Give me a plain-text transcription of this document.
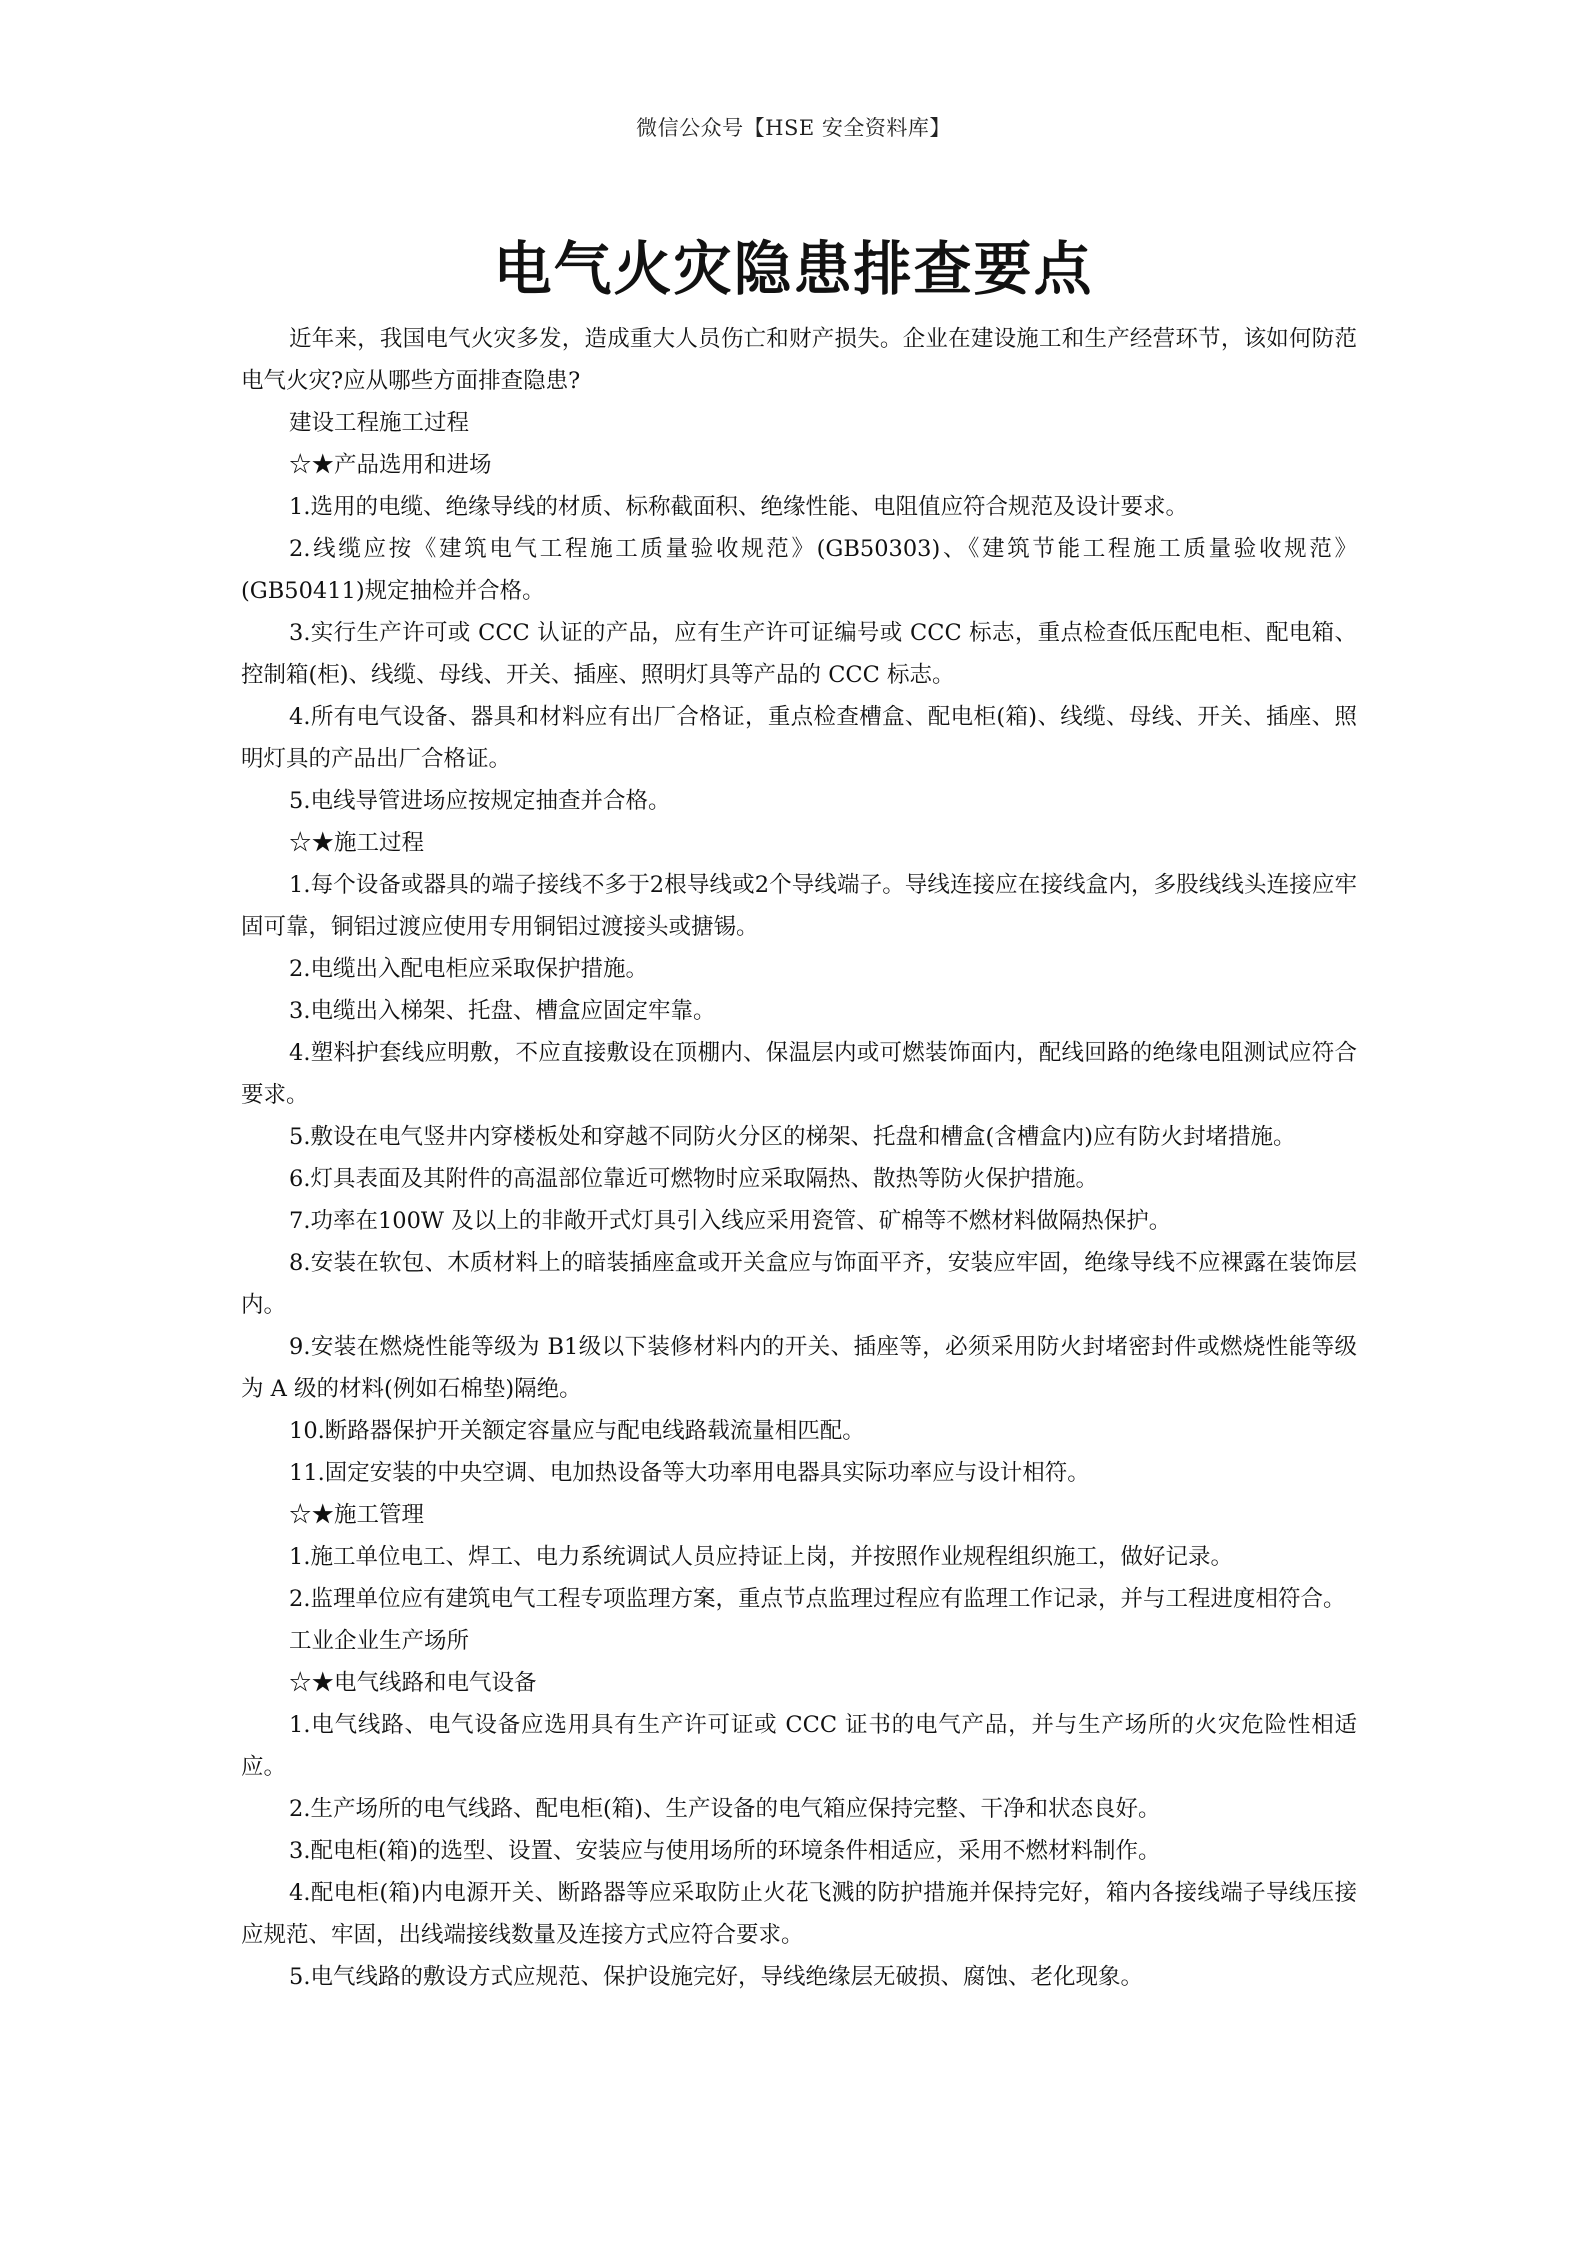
微信公众号【HSE 安全资料库】
电气火灾隐患排查要点

近年来，我国电气火灾多发，造成重大人员伤亡和财产损失。企业在建设施工和生产经营环节，该如何防范电气火灾?应从哪些方面排查隐患?

建设工程施工过程

☆★产品选用和进场

1.选用的电缆、绝缘导线的材质、标称截面积、绝缘性能、电阻值应符合规范及设计要求。

2.线缆应按《建筑电气工程施工质量验收规范》(GB50303)、《建筑节能工程施工质量验收规范》(GB50411)规定抽检并合格。

3.实行生产许可或 CCC 认证的产品，应有生产许可证编号或 CCC 标志，重点检查低压配电柜、配电箱、控制箱(柜)、线缆、母线、开关、插座、照明灯具等产品的 CCC 标志。

4.所有电气设备、器具和材料应有出厂合格证，重点检查槽盒、配电柜(箱)、线缆、母线、开关、插座、照明灯具的产品出厂合格证。

5.电线导管进场应按规定抽查并合格。

☆★施工过程

1.每个设备或器具的端子接线不多于2根导线或2个导线端子。导线连接应在接线盒内，多股线线头连接应牢固可靠，铜铝过渡应使用专用铜铝过渡接头或搪锡。

2.电缆出入配电柜应采取保护措施。

3.电缆出入梯架、托盘、槽盒应固定牢靠。

4.塑料护套线应明敷，不应直接敷设在顶棚内、保温层内或可燃装饰面内，配线回路的绝缘电阻测试应符合要求。

5.敷设在电气竖井内穿楼板处和穿越不同防火分区的梯架、托盘和槽盒(含槽盒内)应有防火封堵措施。

6.灯具表面及其附件的高温部位靠近可燃物时应采取隔热、散热等防火保护措施。

7.功率在100W 及以上的非敞开式灯具引入线应采用瓷管、矿棉等不燃材料做隔热保护。

8.安装在软包、木质材料上的暗装插座盒或开关盒应与饰面平齐，安装应牢固，绝缘导线不应裸露在装饰层内。

9.安装在燃烧性能等级为 B1级以下装修材料内的开关、插座等，必须采用防火封堵密封件或燃烧性能等级为 A 级的材料(例如石棉垫)隔绝。

10.断路器保护开关额定容量应与配电线路载流量相匹配。

11.固定安装的中央空调、电加热设备等大功率用电器具实际功率应与设计相符。

☆★施工管理

1.施工单位电工、焊工、电力系统调试人员应持证上岗，并按照作业规程组织施工，做好记录。

2.监理单位应有建筑电气工程专项监理方案，重点节点监理过程应有监理工作记录，并与工程进度相符合。

工业企业生产场所

☆★电气线路和电气设备

1.电气线路、电气设备应选用具有生产许可证或 CCC 证书的电气产品，并与生产场所的火灾危险性相适应。

2.生产场所的电气线路、配电柜(箱)、生产设备的电气箱应保持完整、干净和状态良好。

3.配电柜(箱)的选型、设置、安装应与使用场所的环境条件相适应，采用不燃材料制作。

4.配电柜(箱)内电源开关、断路器等应采取防止火花飞溅的防护措施并保持完好，箱内各接线端子导线压接应规范、牢固，出线端接线数量及连接方式应符合要求。

5.电气线路的敷设方式应规范、保护设施完好，导线绝缘层无破损、腐蚀、老化现象。
